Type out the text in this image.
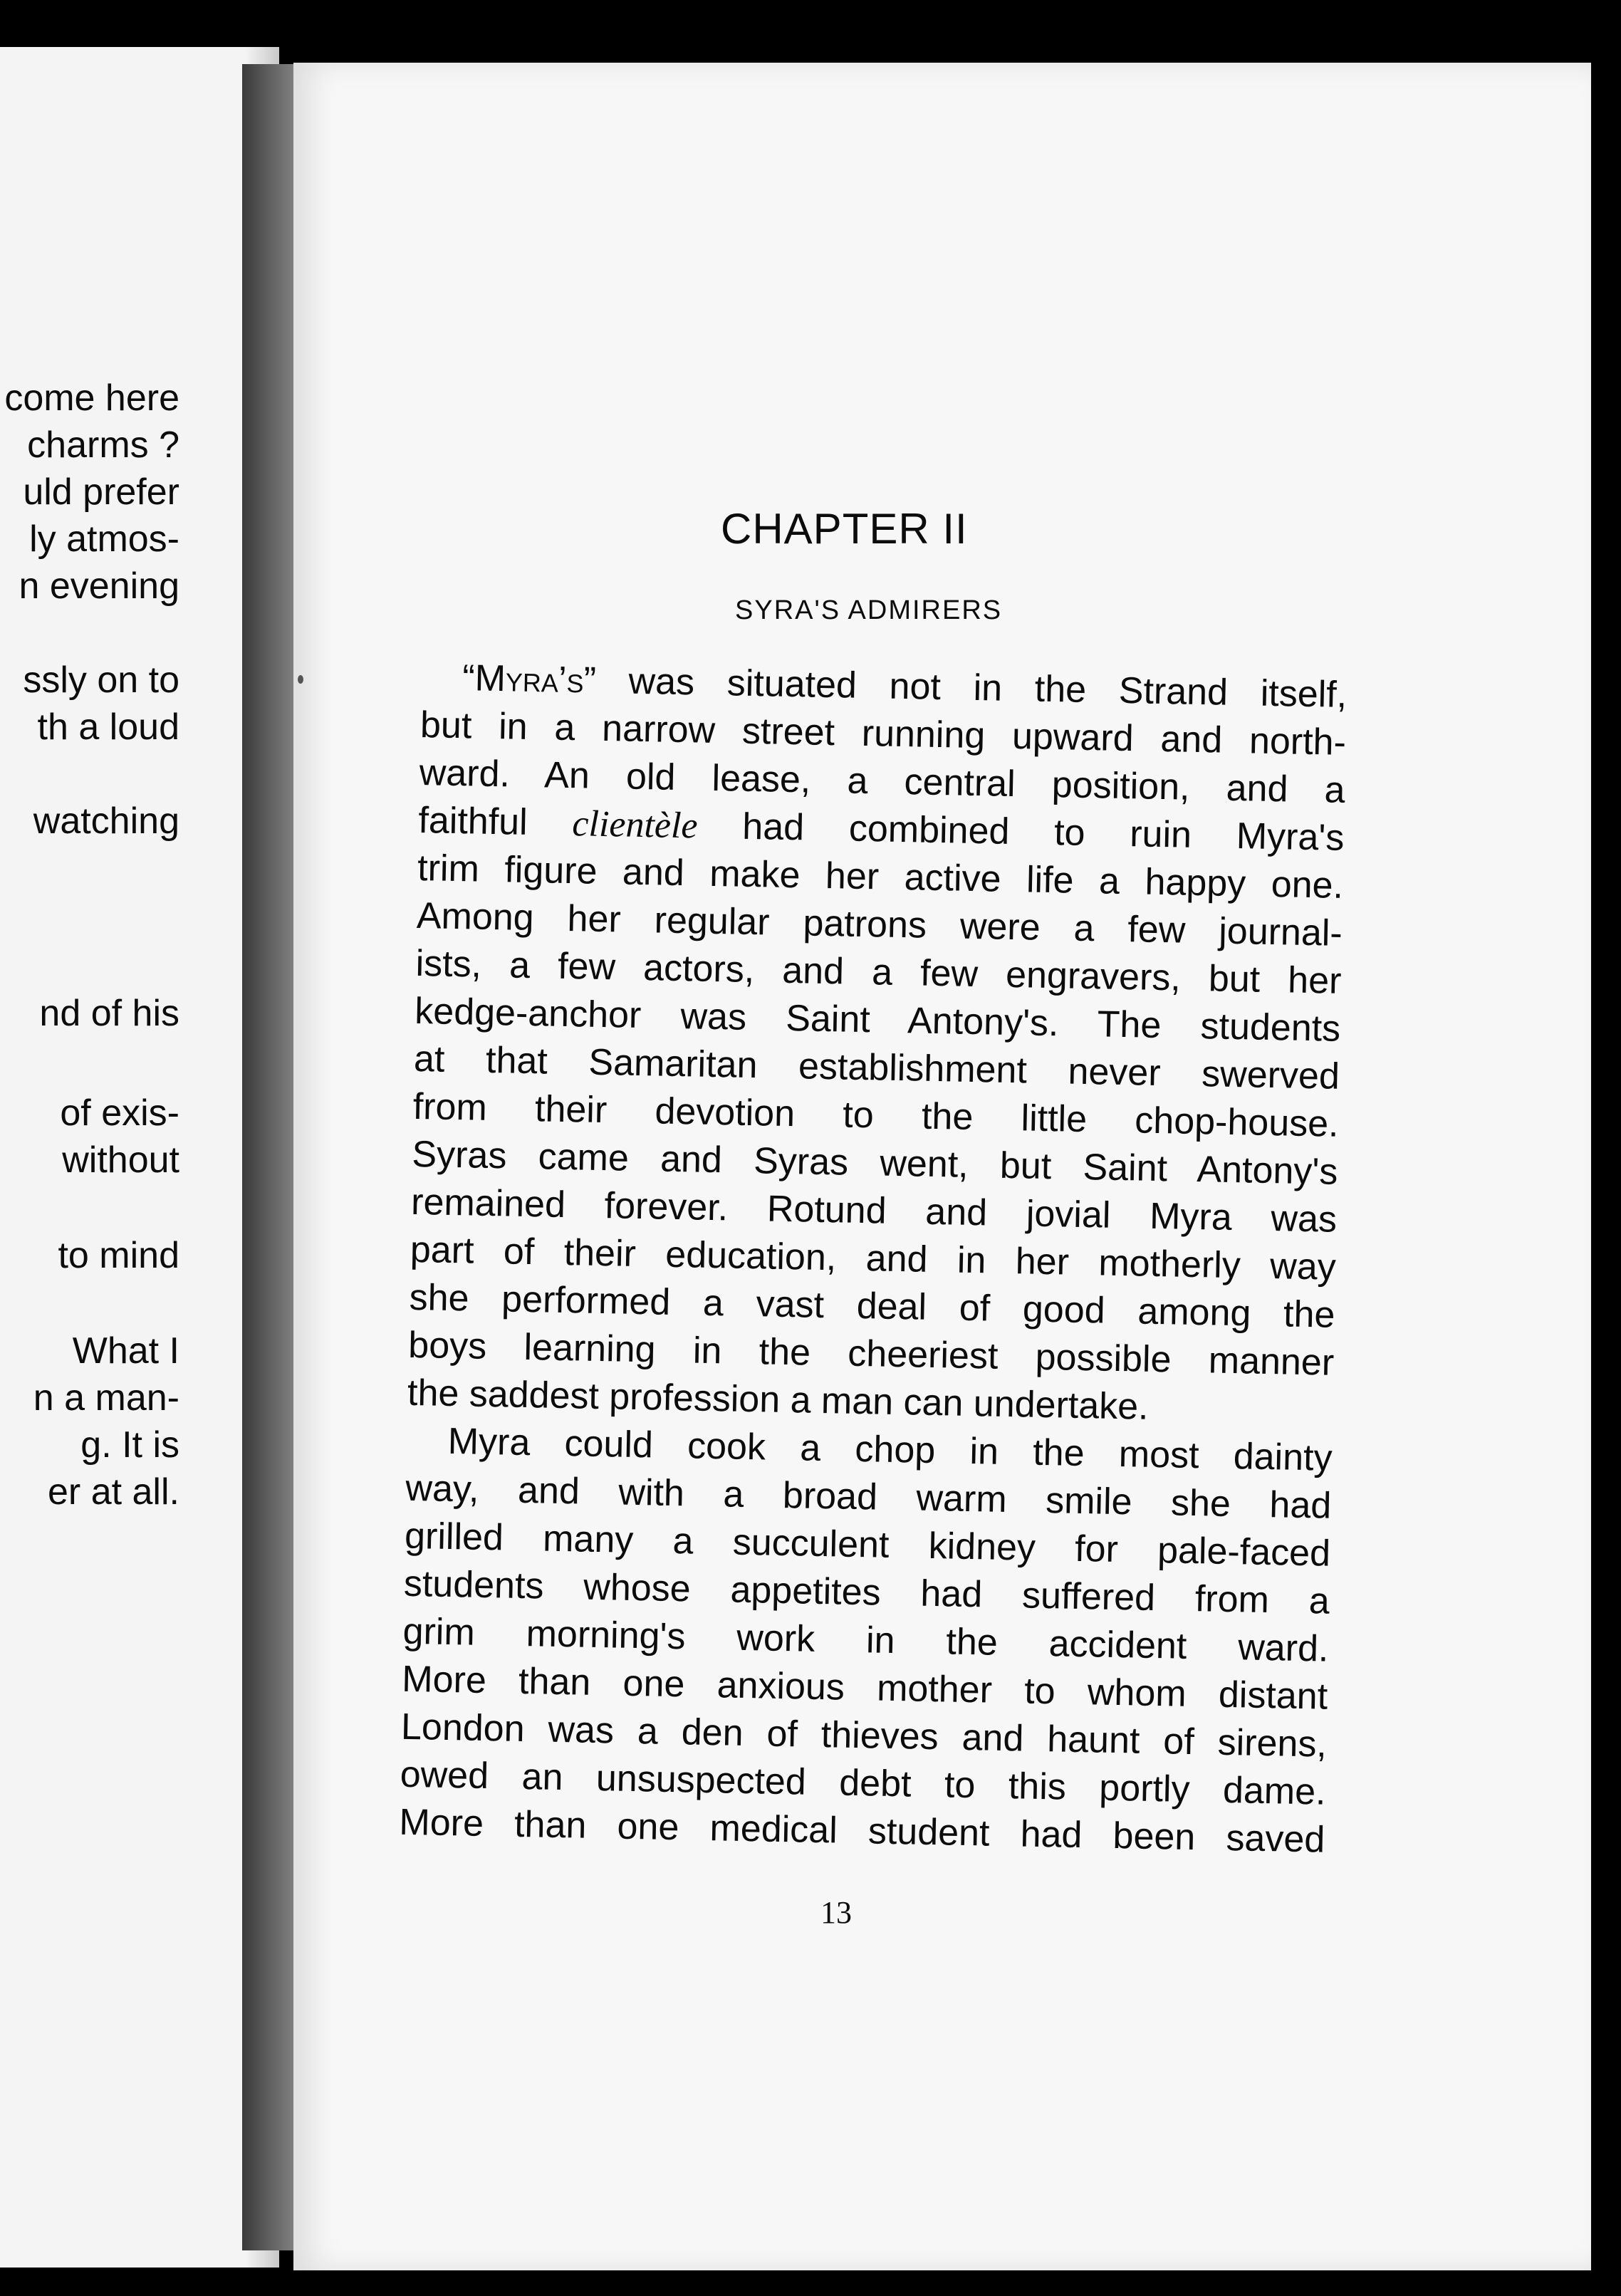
come here
charms ?
uld prefer
ly atmos-
n evening
ssly on to
th a loud
watching
nd of his
of exis-
without
to mind
What I
n a man-
g. It is
er at all.
CHAPTER II
SYRA'S ADMIRERS
“Myra’s” was situated not in the Strand itself,
but in a narrow street running upward and north-
ward. An old lease, a central position, and a
faithful clientèle had combined to ruin Myra's
trim figure and make her active life a happy one.
Among her regular patrons were a few journal-
ists, a few actors, and a few engravers, but her
kedge-anchor was Saint Antony's. The students
at that Samaritan establishment never swerved
from their devotion to the little chop-house.
Syras came and Syras went, but Saint Antony's
remained forever. Rotund and jovial Myra was
part of their education, and in her motherly way
she performed a vast deal of good among the
boys learning in the cheeriest possible manner
the saddest profession a man can undertake.
Myra could cook a chop in the most dainty
way, and with a broad warm smile she had
grilled many a succulent kidney for pale-faced
students whose appetites had suffered from a
grim morning's work in the accident ward.
More than one anxious mother to whom distant
London was a den of thieves and haunt of sirens,
owed an unsuspected debt to this portly dame.
More than one medical student had been saved
13
